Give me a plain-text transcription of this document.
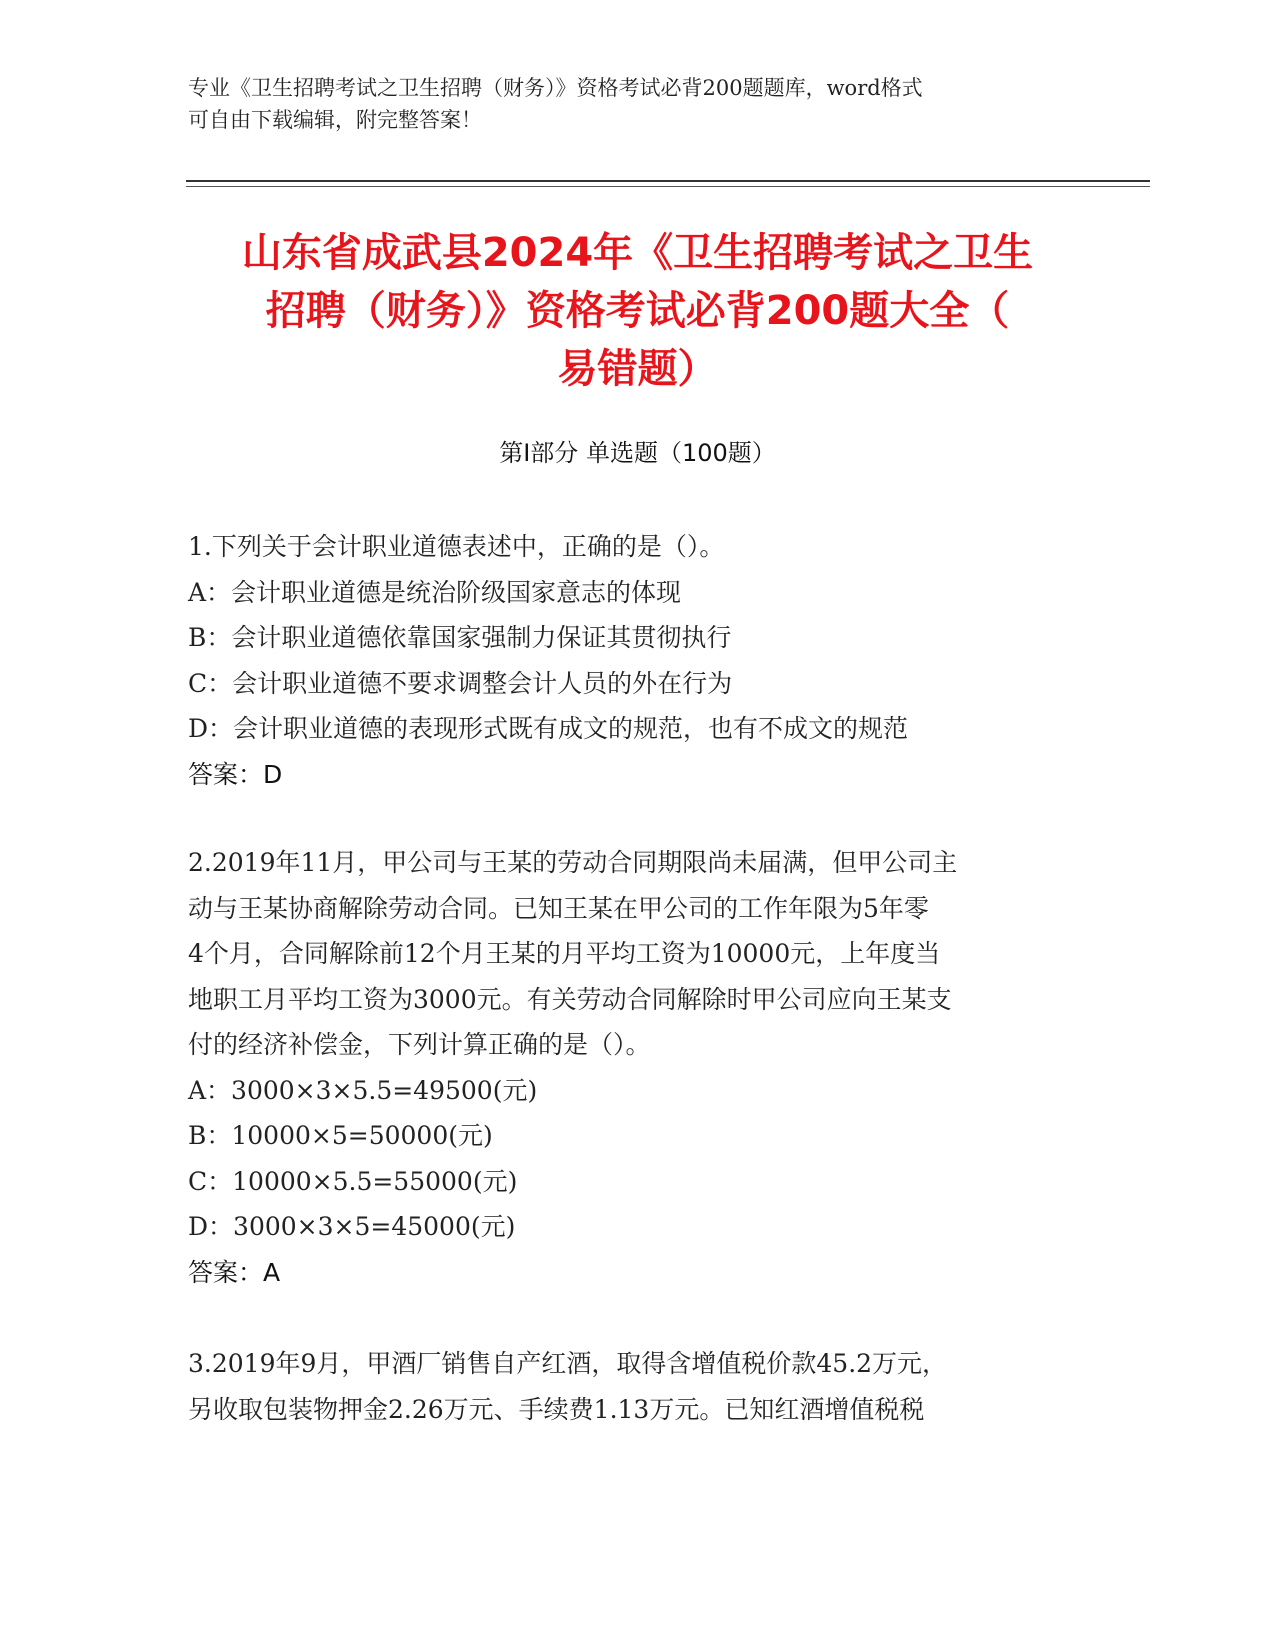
专业《卫生招聘考试之卫生招聘（财务）》资格考试必背200题题库，word格式
可自由下载编辑，附完整答案！
山东省成武县2024年《卫生招聘考试之卫生
招聘（财务）》资格考试必背200题大全（
易错题）
第Ⅰ部分 单选题（100题）
1.下列关于会计职业道德表述中，正确的是（）。
A：会计职业道德是统治阶级国家意志的体现
B：会计职业道德依靠国家强制力保证其贯彻执行
C：会计职业道德不要求调整会计人员的外在行为
D：会计职业道德的表现形式既有成文的规范，也有不成文的规范
答案：D
2.2019年11月，甲公司与王某的劳动合同期限尚未届满，但甲公司主
动与王某协商解除劳动合同。已知王某在甲公司的工作年限为5年零
4个月，合同解除前12个月王某的月平均工资为10000元，上年度当
地职工月平均工资为3000元。有关劳动合同解除时甲公司应向王某支
付的经济补偿金，下列计算正确的是（）。
A：3000×3×5.5=49500(元)
B：10000×5=50000(元)
C：10000×5.5=55000(元)
D：3000×3×5=45000(元)
答案：A
3.2019年9月，甲酒厂销售自产红酒，取得含增值税价款45.2万元，
另收取包装物押金2.26万元、手续费1.13万元。已知红酒增值税税
